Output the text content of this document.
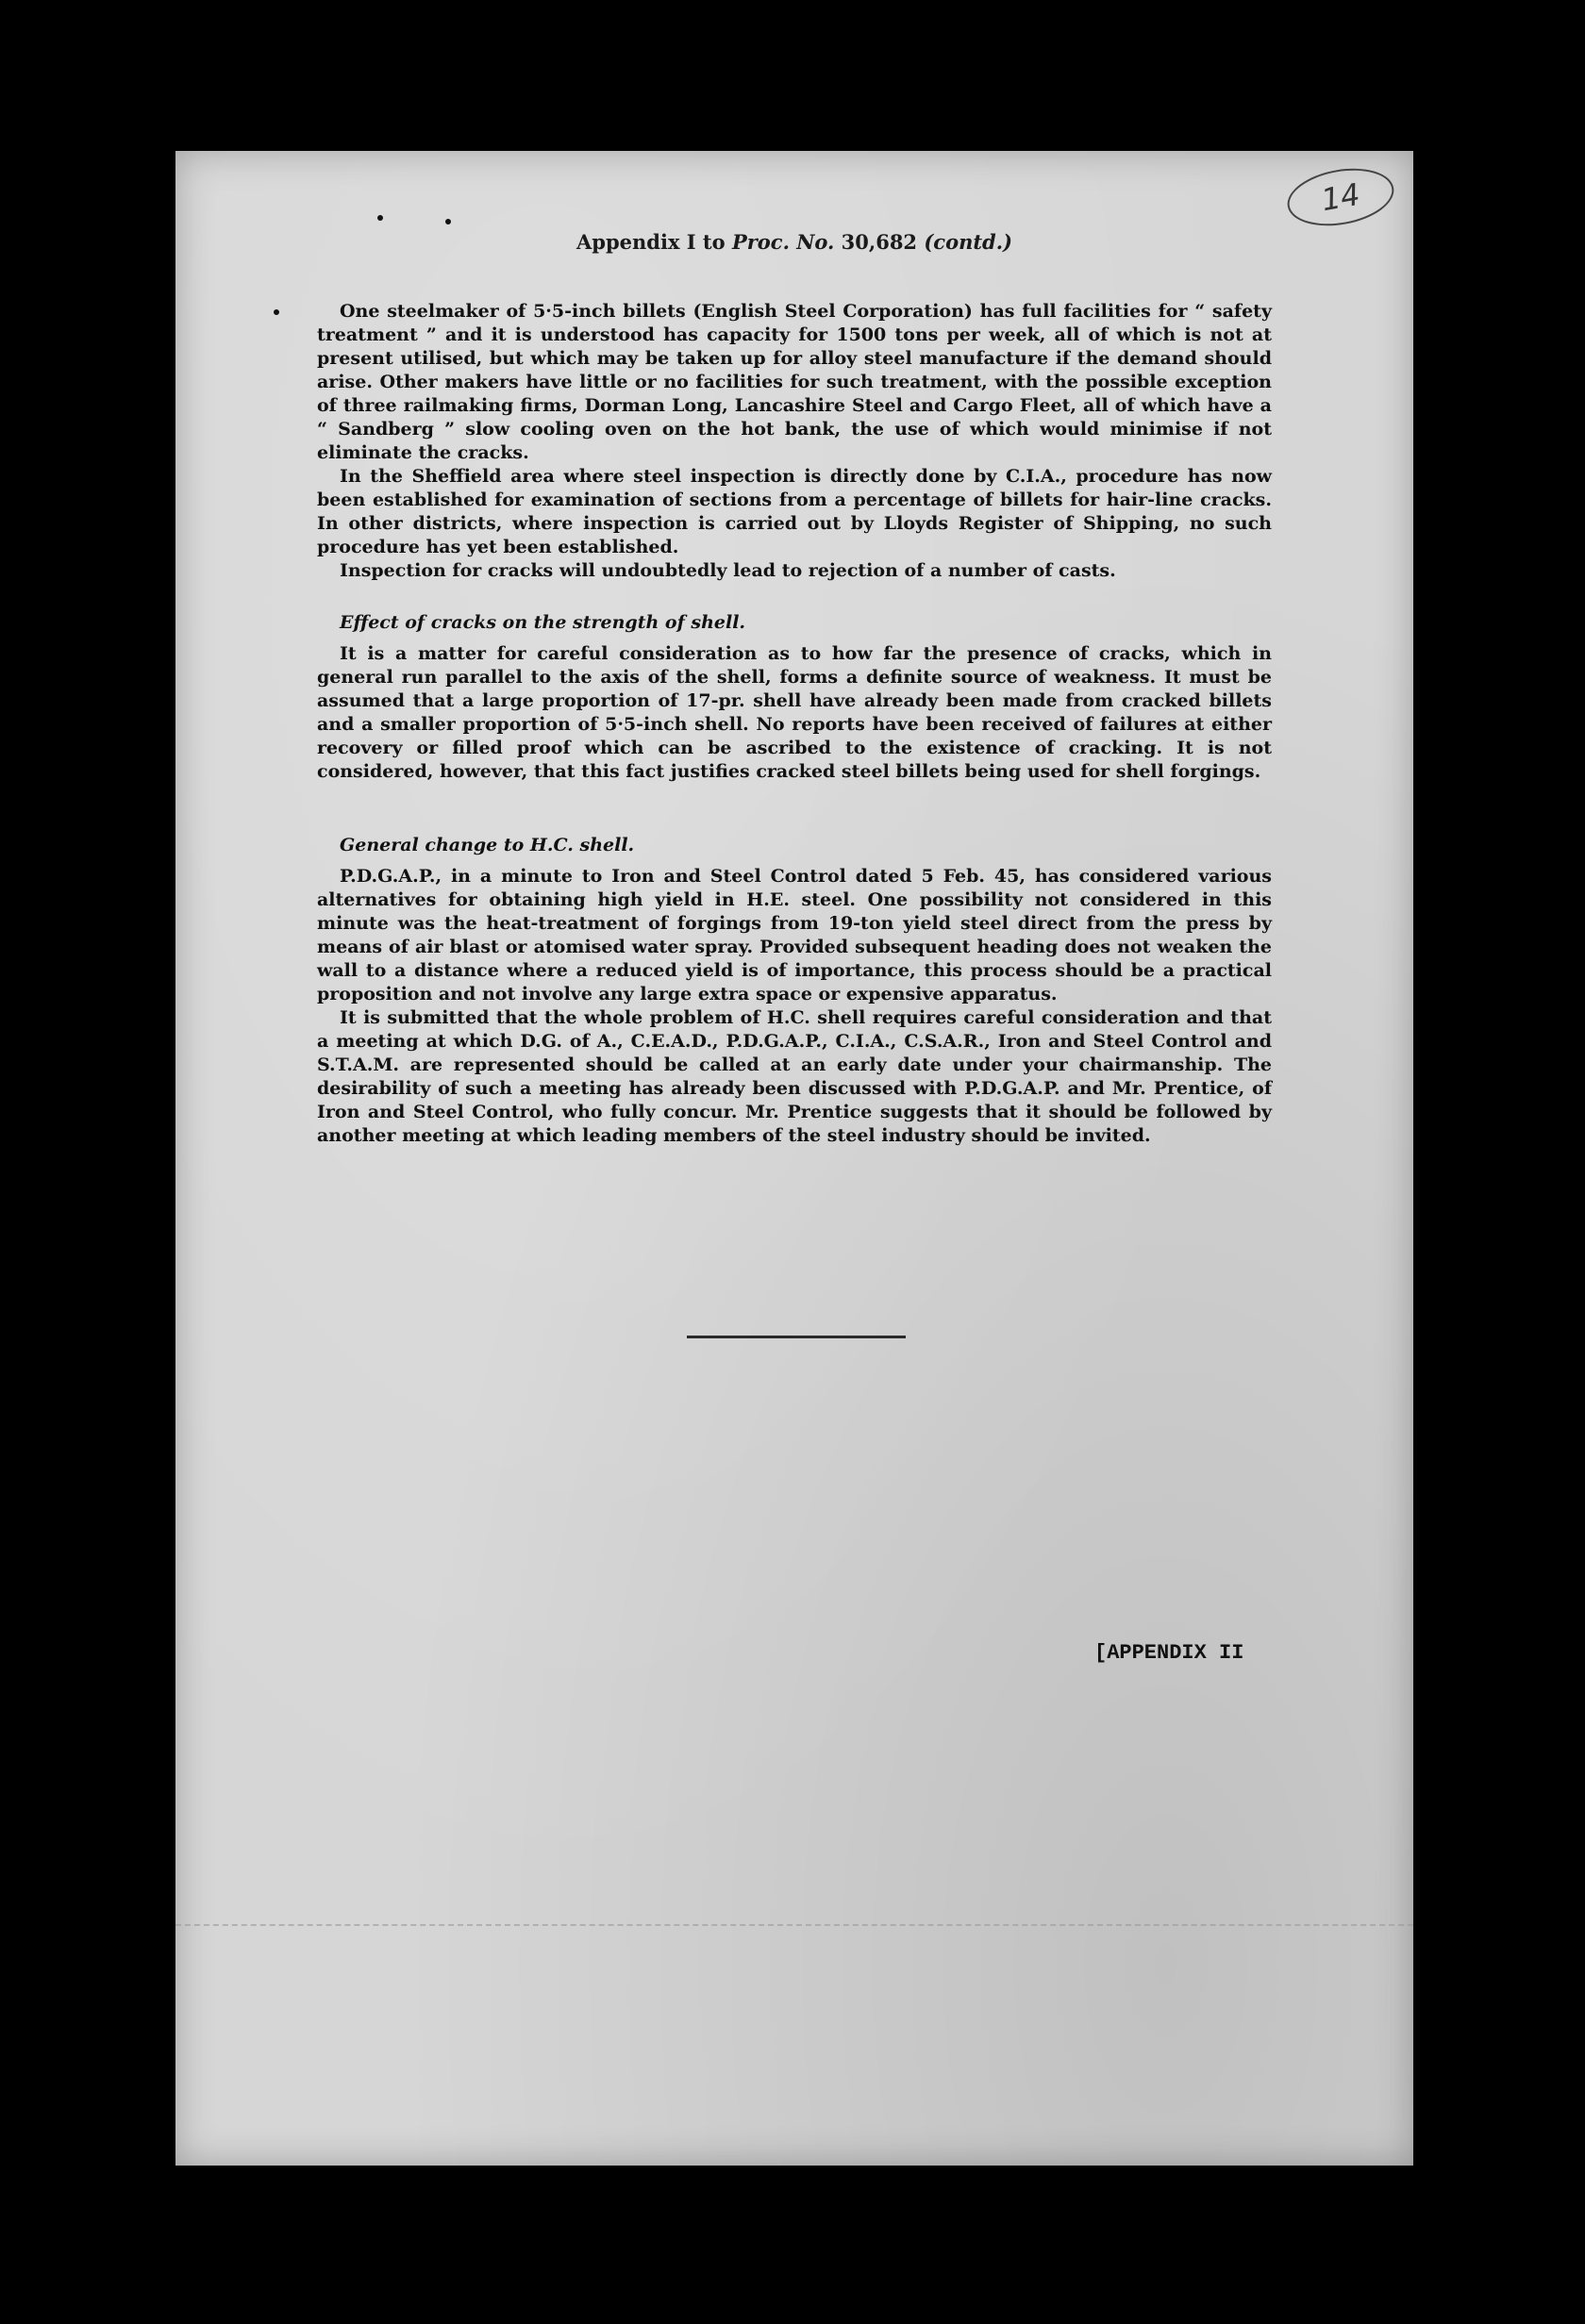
14
Appendix I to Proc. No. 30,682 (contd.)

One steelmaker of 5·5-inch billets (English Steel Corporation) has full facilities for “ safety treatment ” and it is understood has capacity for 1500 tons per week, all of which is not at present utilised, but which may be taken up for alloy steel manufacture if the demand should arise. Other makers have little or no facilities for such treatment, with the possible exception of three railmaking firms, Dorman Long, Lancashire Steel and Cargo Fleet, all of which have a “ Sandberg ” slow cooling oven on the hot bank, the use of which would minimise if not eliminate the cracks.

In the Sheffield area where steel inspection is directly done by C.I.A., procedure has now been established for examination of sections from a percentage of billets for hair-line cracks. In other districts, where inspection is carried out by Lloyds Register of Shipping, no such procedure has yet been established.

Inspection for cracks will undoubtedly lead to rejection of a number of casts.

Effect of cracks on the strength of shell.

It is a matter for careful consideration as to how far the presence of cracks, which in general run parallel to the axis of the shell, forms a definite source of weakness. It must be assumed that a large proportion of 17-pr. shell have already been made from cracked billets and a smaller proportion of 5·5-inch shell. No reports have been received of failures at either recovery or filled proof which can be ascribed to the existence of cracking. It is not considered, however, that this fact justifies cracked steel billets being used for shell forgings.

General change to H.C. shell.

P.D.G.A.P., in a minute to Iron and Steel Control dated 5 Feb. 45, has considered various alternatives for obtaining high yield in H.E. steel. One possibility not considered in this minute was the heat-treatment of forgings from 19-ton yield steel direct from the press by means of air blast or atomised water spray. Provided subsequent heading does not weaken the wall to a distance where a reduced yield is of importance, this process should be a practical proposition and not involve any large extra space or expensive apparatus.

It is submitted that the whole problem of H.C. shell requires careful consideration and that a meeting at which D.G. of A., C.E.A.D., P.D.G.A.P., C.I.A., C.S.A.R., Iron and Steel Control and S.T.A.M. are represented should be called at an early date under your chairmanship. The desirability of such a meeting has already been discussed with P.D.G.A.P. and Mr. Prentice, of Iron and Steel Control, who fully concur. Mr. Prentice suggests that it should be followed by another meeting at which leading members of the steel industry should be invited.

[APPENDIX II
